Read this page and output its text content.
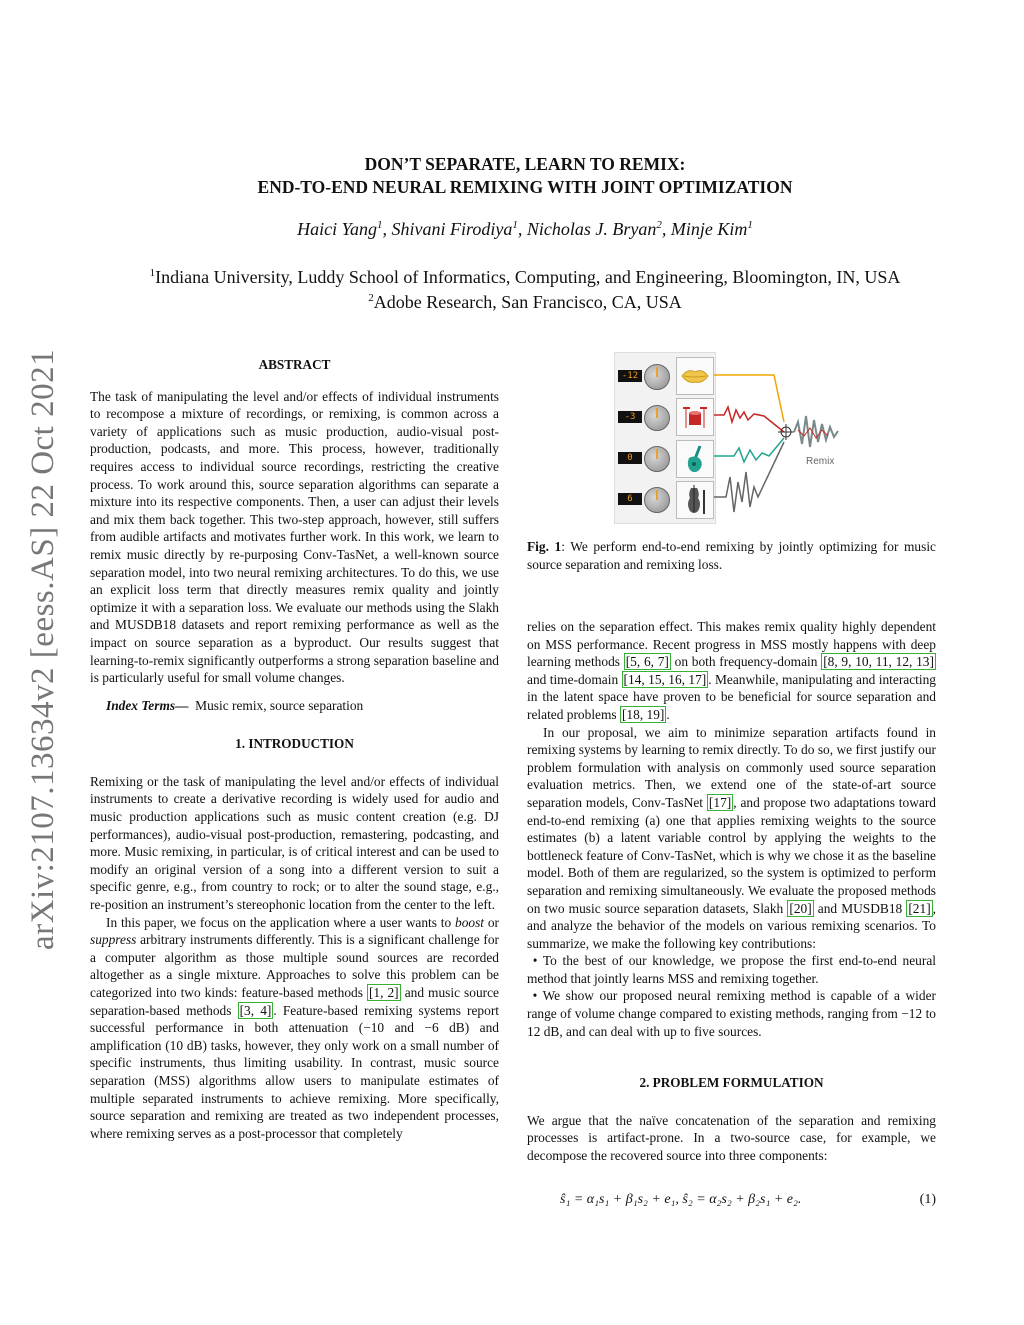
arXiv:2107.13634v2 [eess.AS] 22 Oct 2021
DON’T SEPARATE, LEARN TO REMIX:
END-TO-END NEURAL REMIXING WITH JOINT OPTIMIZATION
Haici Yang$^1$, Shivani Firodiya$^1$, Nicholas J. Bryan$^2$, Minje Kim$^1$
$^1$Indiana University, Luddy School of Informatics, Computing, and Engineering, Bloomington, IN, USA
$^2$Adobe Research, San Francisco, CA, USA
ABSTRACT

The task of manipulating the level and/or effects of individual instruments to recompose a mixture of recordings, or remixing, is common across a variety of applications such as music production, audio-visual post-production, podcasts, and more. This process, however, traditionally requires access to individual source recordings, restricting the creative process. To work around this, source separation algorithms can separate a mixture into its respective components. Then, a user can adjust their levels and mix them back together. This two-step approach, however, still suffers from audible artifacts and motivates further work. In this work, we learn to remix music directly by re-purposing Conv-TasNet, a well-known source separation model, into two neural remixing architectures. To do this, we use an explicit loss term that directly measures remix quality and jointly optimize it with a separation loss. We evaluate our methods using the Slakh and MUSDB18 datasets and report remixing performance as well as the impact on source separation as a byproduct. Our results suggest that learning-to-remix significantly outperforms a strong separation baseline and is particularly useful for small volume changes.

Index Terms— Music remix, source separation

1. INTRODUCTION

Remixing or the task of manipulating the level and/or effects of individual instruments to create a derivative recording is widely used for audio and music production applications such as music content creation (e.g. DJ performances), audio-visual post-production, remastering, podcasting, and more. Music remixing, in particular, is of critical interest and can be used to modify an original version of a song into a different version to suit a specific genre, e.g., from country to rock; or to alter the sound stage, e.g., re-position an instrument’s stereophonic location from the center to the left.

In this paper, we focus on the application where a user wants to boost or suppress arbitrary instruments differently. This is a significant challenge for a computer algorithm as those multiple sound sources are recorded altogether as a single mixture. Approaches to solve this problem can be categorized into two kinds: feature-based methods [1, 2] and music source separation-based methods [3, 4] . Feature-based remixing systems report successful performance in both attenuation (−10 and −6 dB) and amplification (10 dB) tasks, however, they only work on a small number of specific instruments, thus limiting usability. In contrast, music source separation (MSS) algorithms allow users to manipulate estimates of multiple separated instruments to achieve remixing. More specifically, source separation and remixing are treated as two independent processes, where remixing serves as a post-processor that completely

-12
-3
0
6
Remix
Fig. 1: We perform end-to-end remixing by jointly optimizing for music source separation and remixing loss.

relies on the separation effect. This makes remix quality highly dependent on MSS performance. Recent progress in MSS mostly happens with deep learning methods [5, 6, 7] on both frequency-domain [8, 9, 10, 11, 12, 13] and time-domain [14, 15, 16, 17] . Meanwhile, manipulating and interacting in the latent space have proven to be beneficial for source separation and related problems [18, 19] .

In our proposal, we aim to minimize separation artifacts found in remixing systems by learning to remix directly. To do so, we first justify our problem formulation with analysis on commonly used source separation evaluation metrics. Then, we extend one of the state-of-art source separation models, Conv-TasNet [17] , and propose two adaptations toward end-to-end remixing (a) one that applies remixing weights to the source estimates (b) a latent variable control by applying the weights to the bottleneck feature of Conv-TasNet, which is why we chose it as the baseline model. Both of them are regularized, so the system is optimized to perform separation and remixing simultaneously. We evaluate the proposed methods on two music source separation datasets, Slakh [20] and MUSDB18 [21] , and analyze the behavior of the models on various remixing scenarios. To summarize, we make the following key contributions:

• To the best of our knowledge, we propose the first end-to-end neural method that jointly learns MSS and remixing together.

• We show our proposed neural remixing method is capable of a wider range of volume change compared to existing methods, ranging from −12 to 12 dB, and can deal with up to five sources.

2. PROBLEM FORMULATION

We argue that the naïve concatenation of the separation and remixing processes is artifact-prone. In a two-source case, for example, we decompose the recovered source into three components:

ŝ₁ = α₁s₁ + β₁s₂ + e₁, ŝ₂ = α₂s₂ + β₂s₁ + e₂.	(1)
